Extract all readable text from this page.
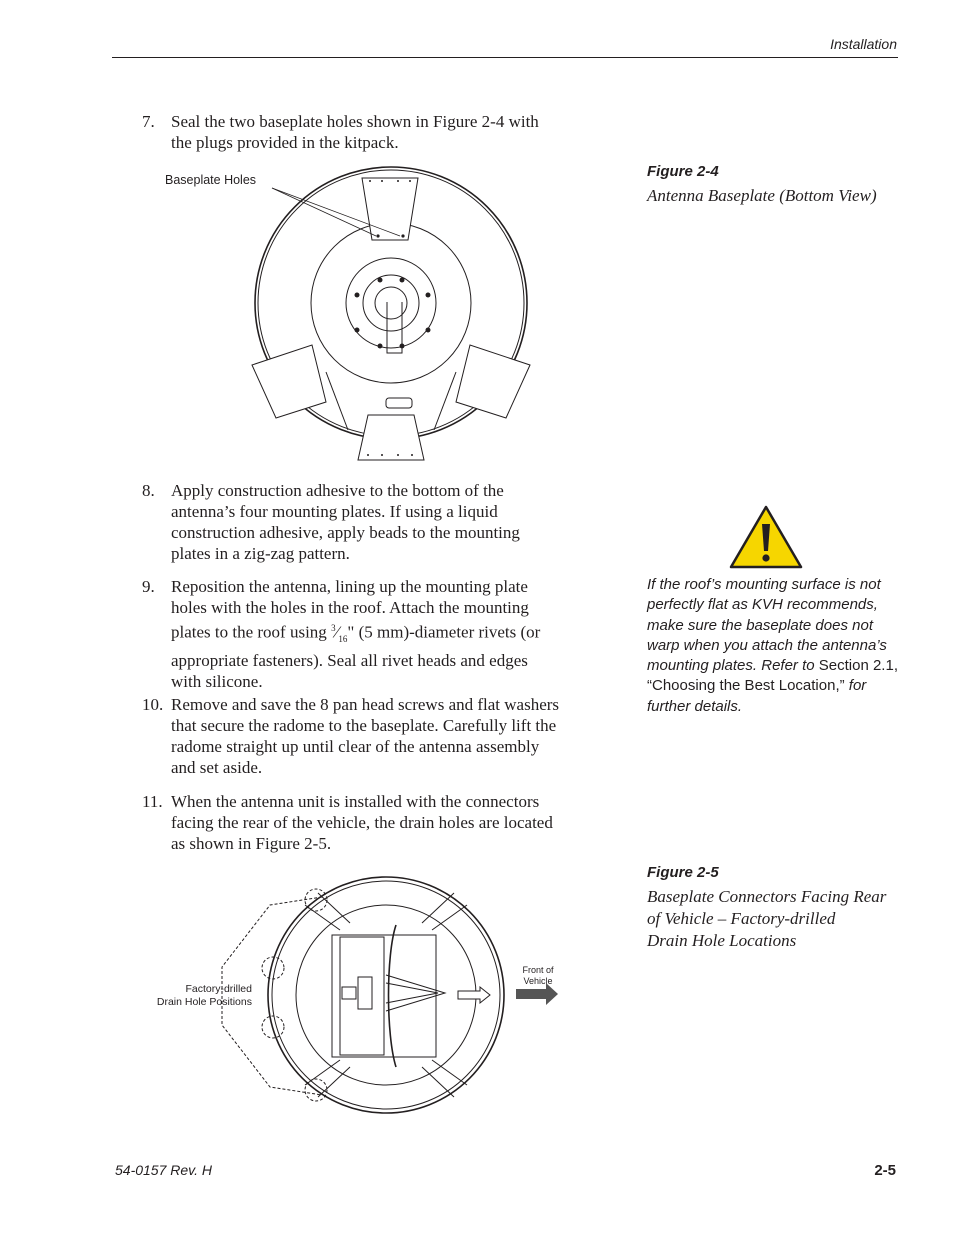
Installation
7. Seal the two baseplate holes shown in Figure 2-4 with the plugs provided in the kitpack.
Figure 2-4
Antenna Baseplate (Bottom View)
Baseplate Holes
8. Apply construction adhesive to the bottom of the antenna’s four mounting plates. If using a liquid construction adhesive, apply beads to the mounting plates in a zig-zag pattern.
9. Reposition the antenna, lining up the mounting plate holes with the holes in the roof. Attach the mounting plates to the roof using $^3⁄_{16}$" (5 mm)-diameter rivets (or appropriate fasteners). Seal all rivet heads and edges with silicone.
10. Remove and save the 8 pan head screws and flat washers that secure the radome to the baseplate. Carefully lift the radome straight up until clear of the antenna assembly and set aside.
11. When the antenna unit is installed with the connectors facing the rear of the vehicle, the drain holes are located as shown in Figure 2-5.
If the roof’s mounting surface is not perfectly flat as KVH recommends, make sure the baseplate does not warp when you attach the antenna’s mounting plates. Refer to Section 2.1, “Choosing the Best Location,” for further details.
Figure 2-5
Baseplate Connectors Facing Rear
of Vehicle – Factory-drilled
Drain Hole Locations
Factory-drilled
Drain Hole Positions
Front of
Vehicle
54-0157 Rev. H	2-5
